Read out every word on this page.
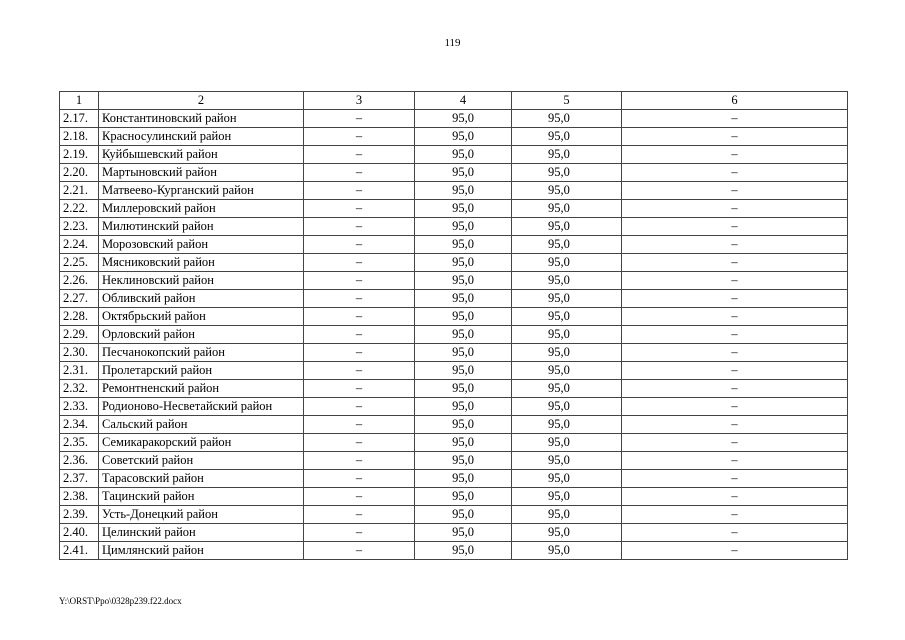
119
1	2	3	4	5	6
2.17.	Константиновский район	–	95,0	95,0	–
2.18.	Красносулинский район	–	95,0	95,0	–
2.19.	Куйбышевский район	–	95,0	95,0	–
2.20.	Мартыновский район	–	95,0	95,0	–
2.21.	Матвеево-Курганский район	–	95,0	95,0	–
2.22.	Миллеровский район	–	95,0	95,0	–
2.23.	Милютинский район	–	95,0	95,0	–
2.24.	Морозовский район	–	95,0	95,0	–
2.25.	Мясниковский район	–	95,0	95,0	–
2.26.	Неклиновский район	–	95,0	95,0	–
2.27.	Обливский район	–	95,0	95,0	–
2.28.	Октябрьский район	–	95,0	95,0	–
2.29.	Орловский район	–	95,0	95,0	–
2.30.	Песчанокопский район	–	95,0	95,0	–
2.31.	Пролетарский район	–	95,0	95,0	–
2.32.	Ремонтненский район	–	95,0	95,0	–
2.33.	Родионово-Несветайский район	–	95,0	95,0	–
2.34.	Сальский район	–	95,0	95,0	–
2.35.	Семикаракорский район	–	95,0	95,0	–
2.36.	Советский район	–	95,0	95,0	–
2.37.	Тарасовский район	–	95,0	95,0	–
2.38.	Тацинский район	–	95,0	95,0	–
2.39.	Усть-Донецкий район	–	95,0	95,0	–
2.40.	Целинский район	–	95,0	95,0	–
2.41.	Цимлянский район	–	95,0	95,0	–
Y:\ORST\Ppo\0328p239.f22.docx
